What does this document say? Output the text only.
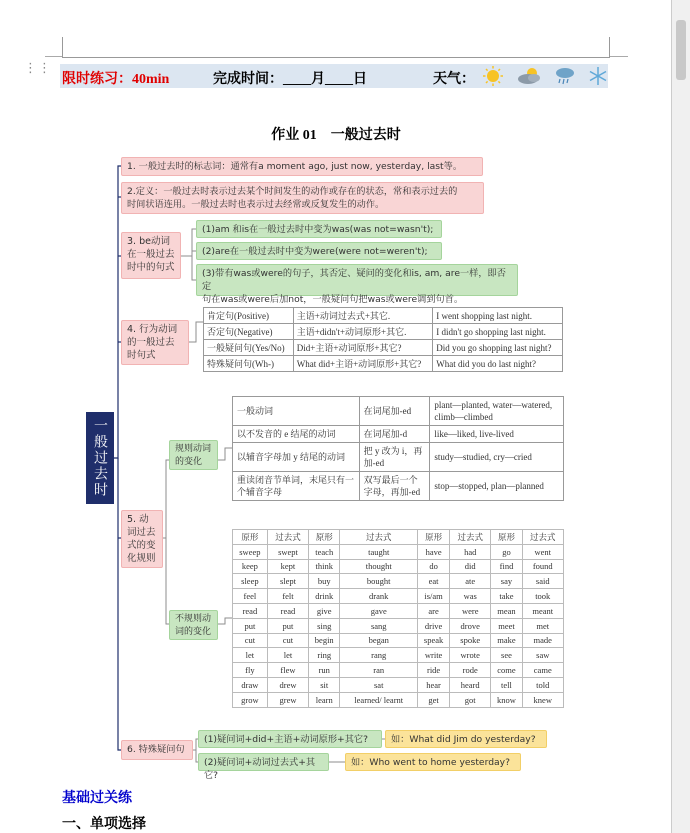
⋮⋮
限时练习：40min	完成时间：____月____日	天气：
作业 01　一般过去时
一般过去时
1. 一般过去时的标志词：通常有a moment ago, just now, yesterday, last等。
2.定义：一般过去时表示过去某个时间发生的动作或存在的状态，常和表示过去的
时间状语连用。一般过去时也表示过去经常或反复发生的动作。
3. be动词在一般过去时中的句式
(1)am 和is在一般过去时中变为was(was not=wasn't);
(2)are在一般过去时中变为were(were not=weren't);
(3)带有was或were的句子，其否定、疑问的变化和is, am, are一样，即否定
句在was或were后加not，一般疑问句把was或were调到句首。
4. 行为动词的一般过去时句式
肯定句(Positive)	主语+动词过去式+其它.	I went shopping last night.
否定句(Negative)	主语+didn't+动词原形+其它.	I didn't go shopping last night.
一般疑问句(Yes/No)	Did+主语+动词原形+其它?	Did you go shopping last night?
特殊疑问句(Wh-)	What did+主语+动词原形+其它?	What did you do last night?
5. 动词过去式的变化规则
规则动词的变化
不规则动词的变化
一般动词	在词尾加-ed	plant—planted, water—watered, climb—climbed
以不发音的 e 结尾的动词	在词尾加-d	like—liked, live-lived
以辅音字母加 y 结尾的动词	把 y 改为 i，再加-ed	study—studied, cry—cried
重读闭音节单词，末尾只有一个辅音字母	双写最后一个字母，再加-ed	stop—stopped, plan—planned
原形	过去式	原形	过去式	原形	过去式	原形	过去式
sweep	swept	teach	taught	have	had	go	went
keep	kept	think	thought	do	did	find	found
sleep	slept	buy	bought	eat	ate	say	said
feel	felt	drink	drank	is/am	was	take	took
read	read	give	gave	are	were	mean	meant
put	put	sing	sang	drive	drove	meet	met
cut	cut	begin	began	speak	spoke	make	made
let	let	ring	rang	write	wrote	see	saw
fly	flew	run	ran	ride	rode	come	came
draw	drew	sit	sat	hear	heard	tell	told
grow	grew	learn	learned/ learnt	get	got	know	knew
6. 特殊疑问句
(1)疑问词+did+主语+动词原形+其它?	如：What did Jim do yesterday?
(2)疑问词+动词过去式+其它?
如：Who went to home yesterday?
基础过关练
一、单项选择
